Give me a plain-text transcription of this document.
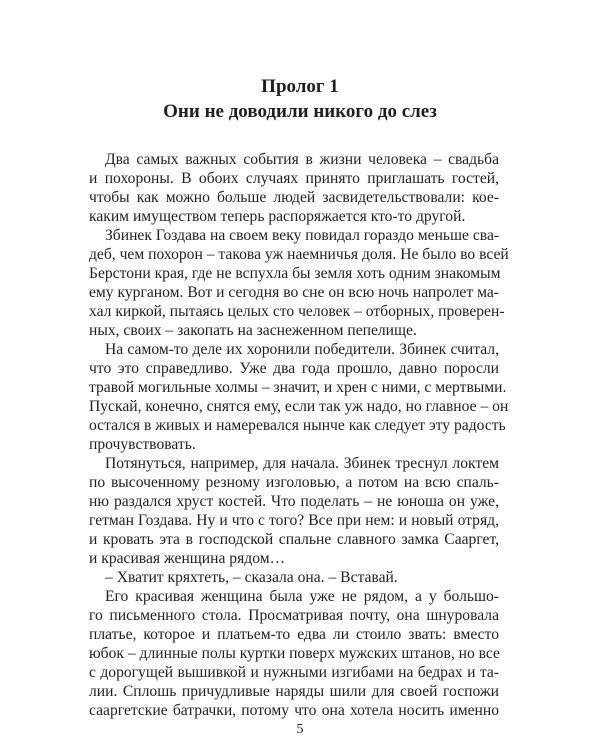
Пролог 1
Они не доводили никого до слез

Два самых важных события в жизни человека – свадьба

и похороны. В обоих случаях принято приглашать гостей,

чтобы как можно больше людей засвидетельствовали: кое-

каким имуществом теперь распоряжается кто-то другой.

Збинек Гоздава на своем веку повидал гораздо меньше сва-

деб, чем похорон – такова уж наемничья доля. Не было во всей

Берстони края, где не вспухла бы земля хоть одним знакомым

ему курганом. Вот и сегодня во сне он всю ночь напролет ма-

хал киркой, пытаясь целых сто человек – отборных, проверен-

ных, своих – закопать на заснеженном пепелище.

На самом-то деле их хоронили победители. Збинек считал,

что это справедливо. Уже два года прошло, давно поросли

травой могильные холмы – значит, и хрен с ними, с мертвыми.

Пускай, конечно, снятся ему, если так уж надо, но главное – он

остался в живых и намеревался нынче как следует эту радость

прочувствовать.

Потянуться, например, для начала. Збинек треснул локтем

по высоченному резному изголовью, а потом на всю спаль-

ню раздался хруст костей. Что поделать – не юноша он уже,

гетман Гоздава. Ну и что с того? Все при нем: и новый отряд,

и кровать эта в господской спальне славного замка Сааргет,

и красивая женщина рядом…

– Хватит кряхтеть, – сказала она. – Вставай.

Его красивая женщина была уже не рядом, а у большо-

го письменного стола. Просматривая почту, она шнуровала

платье, которое и платьем-то едва ли стоило звать: вместо

юбок – длинные полы куртки поверх мужских штанов, но все

с дорогущей вышивкой и нужными изгибами на бедрах и та-

лии. Сплошь причудливые наряды шили для своей госпожи

сааргетские батрачки, потому что она хотела носить именно

5
